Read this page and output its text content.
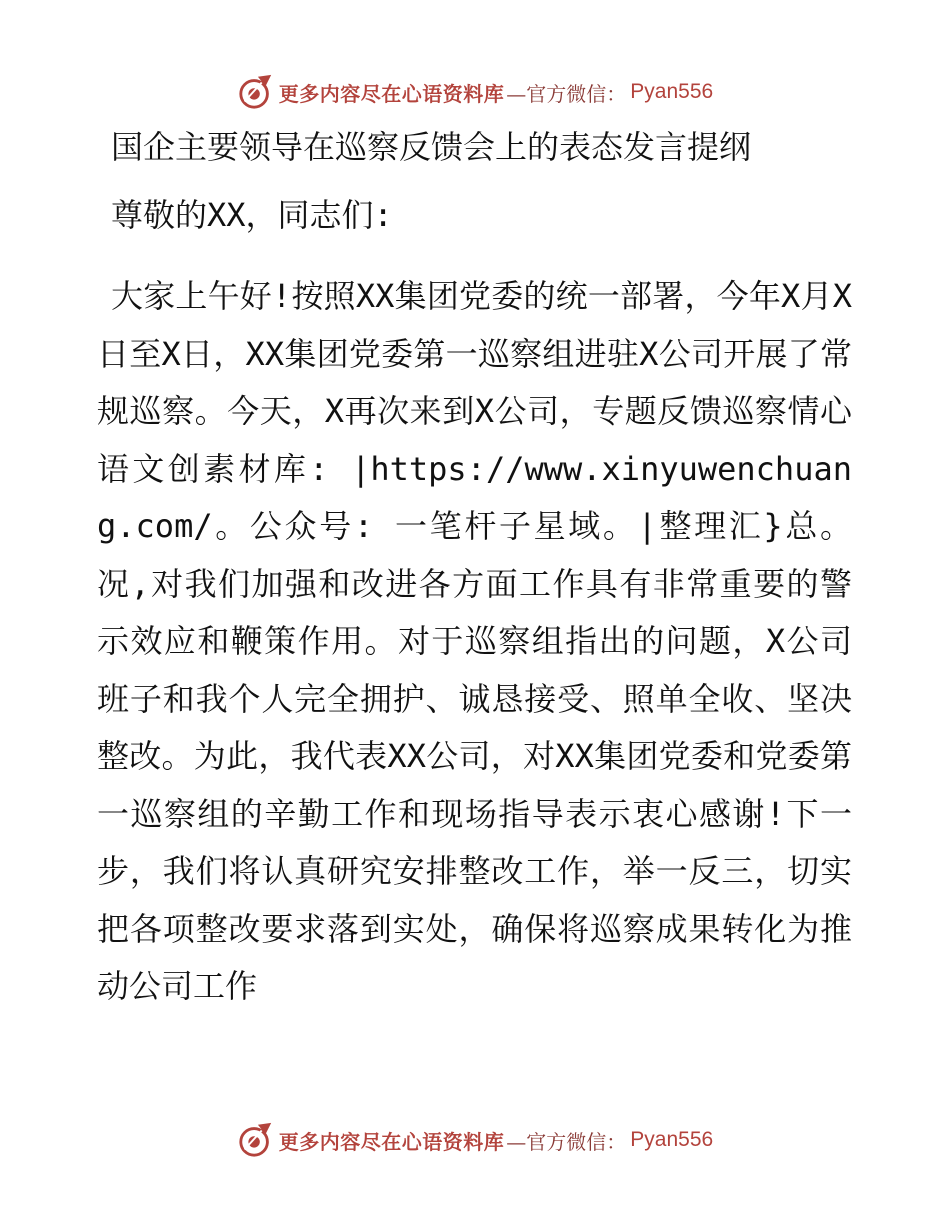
更多内容尽在心语资料库 —官方微信： Pyan556
国企主要领导在巡察反馈会上的表态发言提纲

尊敬的XX，同志们:

大家上午好!按照XX集团党委的统一部署，今年X月X日至X日，XX集团党委第一巡察组进驻X公司开展了常规巡察。今天，X再次来到X公司，专题反馈巡察情心语文创素材库: |https://www.xinyuwenchuang.com/。公众号: 一笔杆子星域。|整理汇}总。况,对我们加强和改进各方面工作具有非常重要的警示效应和鞭策作用。对于巡察组指出的问题，X公司班子和我个人完全拥护、诚恳接受、照单全收、坚决整改。为此，我代表XX公司，对XX集团党委和党委第一巡察组的辛勤工作和现场指导表示衷心感谢!下一步，我们将认真研究安排整改工作，举一反三，切实把各项整改要求落到实处，确保将巡察成果转化为推动公司工作

更多内容尽在心语资料库 —官方微信： Pyan556
